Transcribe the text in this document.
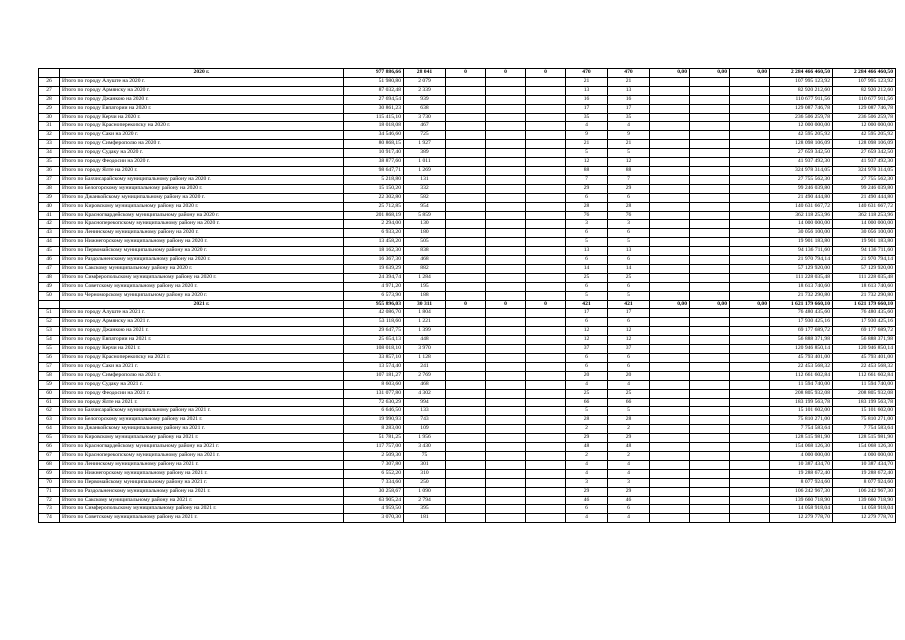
	2020 г.	977 886,66	28 041	0	0	0	470	470	0,00	0,00	0,00	2 284 466 460,50	2 284 466 460,50
26	Итого по городу Алуште на 2020 г.	51 980,80	2 079				21	21				107 995 123,92	107 995 123,92
27	Итого по городу Армянску на 2020 г.	87 032,48	2 339				13	13				82 920 212,60	82 920 212,60
28	Итого по городу Джанкою на 2020 г.	27 694,54	939				16	16				110 677 911,56	110 677 911,56
29	Итого по городу Евпатории на 2020 г.	30 861,23	638				17	17				129 087 746,78	129 087 746,78
30	Итого по городу Керчи на 2020 г.	115 415,10	3 730				35	35				236 506 259,78	236 506 259,78
31	Итого по городу Красноперекопску на 2020 г.	18 018,08	467				4	4				12 000 000,00	12 000 000,00
32	Итого по городу Саки на 2020 г.	34 546,60	725				9	9				42 595 205,92	42 595 205,92
33	Итого по городу Симферополю на 2020 г.	80 868,15	1 927				21	21				128 098 106,09	128 098 106,09
34	Итого по городу Судаку на 2020 г.	10 917,40	389				5	5				27 659 342,50	27 659 342,50
35	Итого по городу Феодосии на 2020 г.	38 877,60	1 011				12	12				41 937 492,30	41 937 492,30
36	Итого по городу Ялте на 2020 г.	98 647,71	1 269				88	88				324 978 314,05	324 978 314,05
37	Итого по Бахчисарайскому муниципальному району на 2020 г.	5 218,80	131				7	7				27 755 562,30	27 755 562,30
38	Итого по Белогорскому муниципальному району на 2020 г.	15 150,20	332				29	29				99 246 039,80	99 246 039,80
39	Итого по Джанкойскому муниципальному району на 2020 г.	22 302,80	582				6	6				21 490 444,80	21 490 444,80
40	Итого по Кировскому муниципальному району на 2020 г.	25 712,85	954				28	28				140 631 667,72	140 631 667,72
41	Итого по Красногвардейскому муниципальному району на 2020 г.	201 868,19	5 859				76	76				362 118 253,96	362 118 253,96
42	Итого по Красноперекопскому муниципальному району на 2020 г.	2 294,00	130				3	3				14 000 000,00	14 000 000,00
43	Итого по Ленинскому муниципальному району на 2020 г.	6 933,20	180				6	6				30 056 100,00	30 056 100,00
44	Итого по Нижнегорскому муниципальному району на 2020 г.	13 458,20	505				5	5				19 901 183,80	19 901 183,80
45	Итого по Первомайскому муниципальному району на 2020 г.	18 162,30	838				13	13				94 136 711,60	94 136 711,60
46	Итого по Раздольненскому муниципальному району на 2020 г.	16 367,30	468				6	6				21 970 794,14	21 970 794,14
47	Итого по Сакскому муниципальному району на 2020 г.	19 639,29	882				14	14				57 129 920,00	57 129 920,00
48	Итого по Симферопольскому муниципальному району на 2020 г.	24 394,74	1 284				25	25				111 228 035,48	111 228 035,48
49	Итого по Советскому муниципальному району на 2020 г.	4 971,20	195				6	6				18 613 740,60	18 613 740,60
50	Итого по Черноморскому муниципальному району на 2020 г.	6 573,90	188				5	5				21 732 290,80	21 732 290,80
	2021 г.	955 896,03	30 311	0	0	0	421	421	0,00	0,00	0,00	1 621 179 660,10	1 621 179 660,10
51	Итого по городу Алуште на 2021 г.	42 086,70	1 804				17	17				76 480 435,60	76 480 435,60
52	Итого по городу Армянску на 2021 г.	53 118,60	1 221				6	6				17 930 425,16	17 930 425,16
53	Итого по городу Джанкою на 2021 г.	29 647,75	1 399				12	12				69 177 689,72	69 177 689,72
54	Итого по городу Евпатории на 2021 г.	25 654,13	448				12	12				56 888 371,98	56 888 371,98
55	Итого по городу Керчи на 2021 г.	108 018,10	3 970				37	37				120 946 850,14	120 946 850,14
56	Итого по городу Красноперекопску на 2021 г.	33 857,10	1 128				6	6				45 793 401,00	45 793 401,00
57	Итого по городу Саки на 2021 г.	13 574,40	241				6	6				22 453 568,32	22 453 568,32
58	Итого по городу Симферополю на 2021 г.	107 181,27	2 769				20	20				112 661 602,84	112 661 602,84
59	Итого по городу Судаку на 2021 г.	8 603,60	468				4	4				11 594 740,00	11 594 740,00
60	Итого по городу Феодосии на 2021 г.	131 077,80	4 302				25	25				208 805 932,08	208 805 932,08
61	Итого по городу Ялте на 2021 г.	72 630,29	994				66	66				183 199 563,78	183 199 563,78
62	Итого по Бахчисарайскому муниципальному району на 2021 г.	6 646,50	133				5	5				15 101 602,00	15 101 602,00
63	Итого по Белогорскому муниципальному району на 2021 г.	19 990,93	743				28	28				75 810 271,00	75 810 271,00
64	Итого по Джанкойскому муниципальному району на 2021 г.	8 283,00	109				2	2				7 754 583,64	7 754 583,64
65	Итого по Кировскому муниципальному району на 2021 г.	51 781,25	1 956				29	29				128 515 981,90	128 515 981,90
66	Итого по Красногвардейскому муниципальному району на 2021 г.	117 757,00	3 430				48	48				154 068 126,30	154 068 126,30
67	Итого по Красноперекопскому муниципальному району на 2021 г.	2 509,30	75				2	2				4 000 000,00	4 000 000,00
68	Итого по Ленинскому муниципальному району на 2021 г.	7 307,80	301				4	4				10 387 434,70	10 387 434,70
69	Итого по Нижнегорскому муниципальному району на 2021 г.	6 552,20	310				4	4				19 288 672,40	19 288 672,40
70	Итого по Первомайскому муниципальному району на 2021 г.	7 334,60	250				3	3				8 077 924,60	8 077 924,60
71	Итого по Раздольненскому муниципальному району на 2021 г.	30 258,67	1 090				29	29				106 242 967,30	106 242 967,30
72	Итого по Сакскому муниципальному району на 2021 г.	63 905,24	2 794				46	46				139 660 718,90	139 660 718,90
73	Итого по Симферопольскому муниципальному району на 2021 г.	4 959,50	395				6	6				14 058 918,04	14 058 918,04
74	Итого по Советскому муниципальному району на 2021 г.	3 070,30	181				4	4				12 279 778,70	12 279 778,70
